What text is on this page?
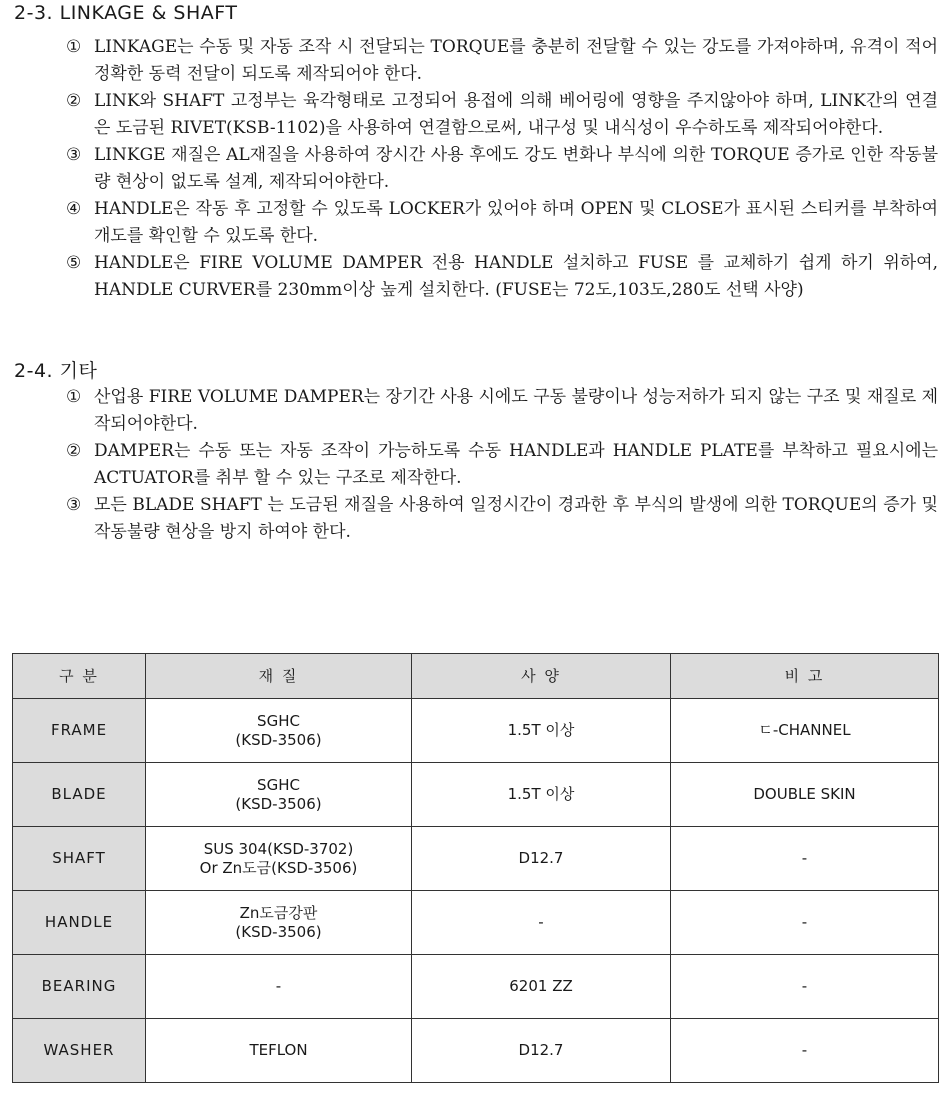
2-3. LINKAGE & SHAFT
① LINKAGE는 수동 및 자동 조작 시 전달되는 TORQUE를 충분히 전달할 수 있는 강도를 가져야하며, 유격이 적어 정확한 동력 전달이 되도록 제작되어야 한다.
② LINK와 SHAFT 고정부는 육각형태로 고정되어 용접에 의해 베어링에 영향을 주지않아야 하며, LINK간의 연결은 도금된 RIVET(KSB-1102)을 사용하여 연결함으로써, 내구성 및 내식성이 우수하도록 제작되어야한다.
③ LINKGE 재질은 AL재질을 사용하여 장시간 사용 후에도 강도 변화나 부식에 의한 TORQUE 증가로 인한 작동불량 현상이 없도록 설계, 제작되어야한다.
④ HANDLE은 작동 후 고정할 수 있도록 LOCKER가 있어야 하며 OPEN 및 CLOSE가 표시된 스티커를 부착하여 개도를 확인할 수 있도록 한다.
⑤ HANDLE은 FIRE VOLUME DAMPER 전용 HANDLE 설치하고 FUSE 를 교체하기 쉽게 하기 위하여, HANDLE CURVER를 230mm이상 높게 설치한다. (FUSE는 72도,103도,280도 선택 사양)
2-4. 기타
① 산업용 FIRE VOLUME DAMPER는 장기간 사용 시에도 구동 불량이나 성능저하가 되지 않는 구조 및 재질로 제작되어야한다.
② DAMPER는 수동 또는 자동 조작이 가능하도록 수동 HANDLE과 HANDLE PLATE를 부착하고 필요시에는 ACTUATOR를 취부 할 수 있는 구조로 제작한다.
③ 모든 BLADE SHAFT 는 도금된 재질을 사용하여 일정시간이 경과한 후 부식의 발생에 의한 TORQUE의 증가 및 작동불량 현상을 방지 하여야 한다.
구 분	재 질	사 양	비 고
FRAME	SGHC
(KSD-3506)	1.5T 이상	ㄷ-CHANNEL
BLADE	SGHC
(KSD-3506)	1.5T 이상	DOUBLE SKIN
SHAFT	SUS 304(KSD-3702)
Or Zn도금(KSD-3506)	D12.7	-
HANDLE	Zn도금강판
(KSD-3506)	-	-
BEARING	-	6201 ZZ	-
WASHER	TEFLON	D12.7	-
